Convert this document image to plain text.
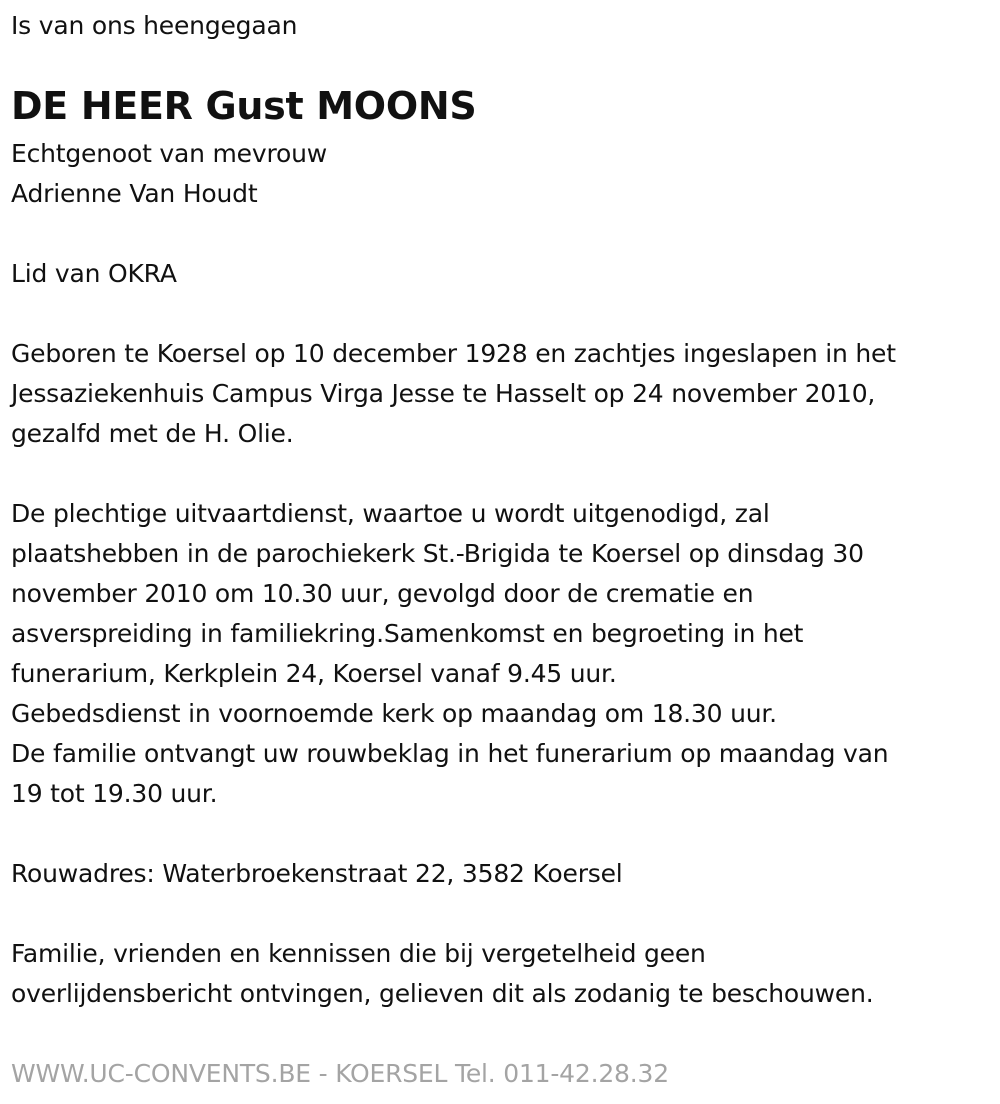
Is van ons heengegaan
DE HEER Gust MOONS
Echtgenoot van mevrouw
Adrienne Van Houdt
Lid van OKRA
Geboren te Koersel op 10 december 1928 en zachtjes ingeslapen in het
Jessaziekenhuis Campus Virga Jesse te Hasselt op 24 november 2010,
gezalfd met de H. Olie.
De plechtige uitvaartdienst, waartoe u wordt uitgenodigd, zal
plaatshebben in de parochiekerk St.-Brigida te Koersel op dinsdag 30
november 2010 om 10.30 uur, gevolgd door de crematie en
asverspreiding in familiekring.Samenkomst en begroeting in het
funerarium, Kerkplein 24, Koersel vanaf 9.45 uur.
Gebedsdienst in voornoemde kerk op maandag om 18.30 uur.
De familie ontvangt uw rouwbeklag in het funerarium op maandag van
19 tot 19.30 uur.
Rouwadres: Waterbroekenstraat 22, 3582 Koersel
Familie, vrienden en kennissen die bij vergetelheid geen
overlijdensbericht ontvingen, gelieven dit als zodanig te beschouwen.
WWW.UC-CONVENTS.BE - KOERSEL Tel. 011-42.28.32
